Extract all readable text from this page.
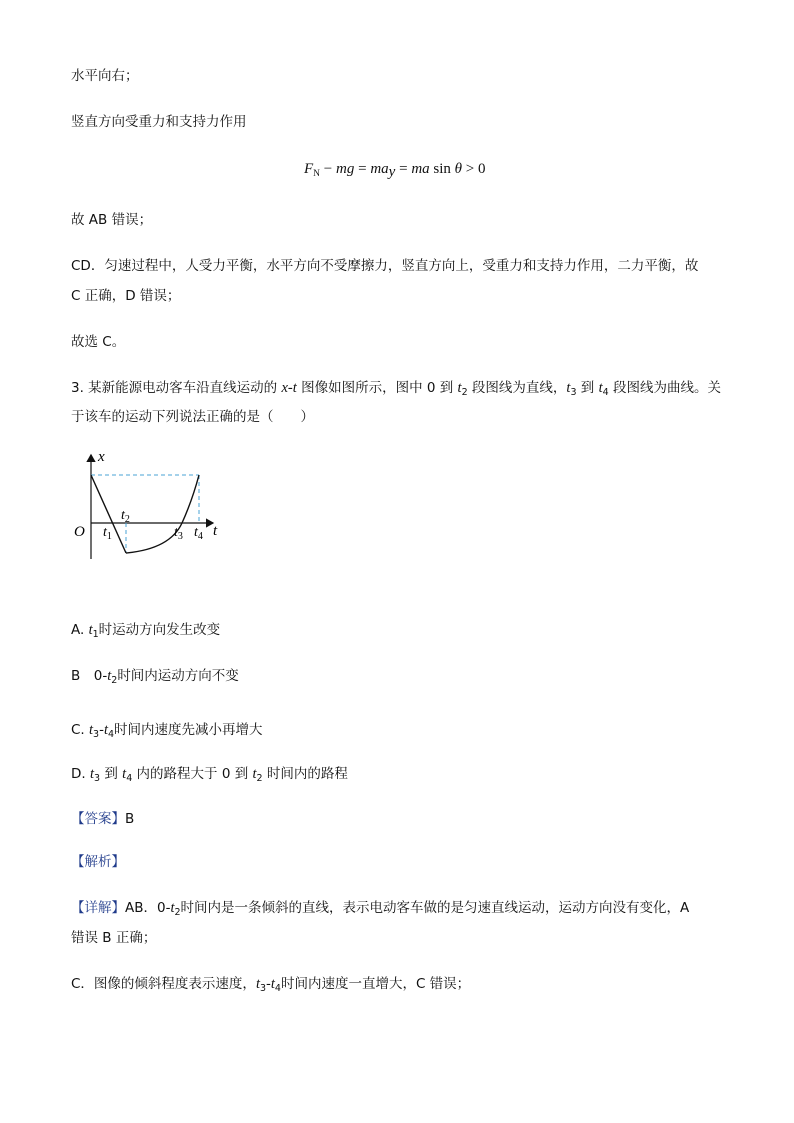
水平向右；
竖直方向受重力和支持力作用
$F_N$ − mg = $ma_y$ = ma sin θ > 0
故 AB 错误；
CD．匀速过程中，人受力平衡，水平方向不受摩擦力，竖直方向上，受重力和支持力作用，二力平衡，故
C 正确，D 错误；
故选 C。
3. 某新能源电动客车沿直线运动的 x-t 图像如图所示，图中 0 到 $t_2$ 段图线为直线，$t_3$ 到 $t_4$ 段图线为曲线。关
于该车的运动下列说法正确的是（　　）
x
t
O $t_1$
$t_2$
$t_3$ $t_4$
A. $t_1$时运动方向发生改变
B　$0-t_2$时间内运动方向不变
C. $t_3-t_4$时间内速度先减小再增大
D. $t_3$ 到 $t_4$ 内的路程大于 0 到 $t_2$ 时间内的路程
【答案】B
【解析】
【详解】AB．$0-t_2$时间内是一条倾斜的直线，表示电动客车做的是匀速直线运动，运动方向没有变化，A
错误 B 正确；
C．图像的倾斜程度表示速度，$t_3-t_4$时间内速度一直增大，C 错误；
